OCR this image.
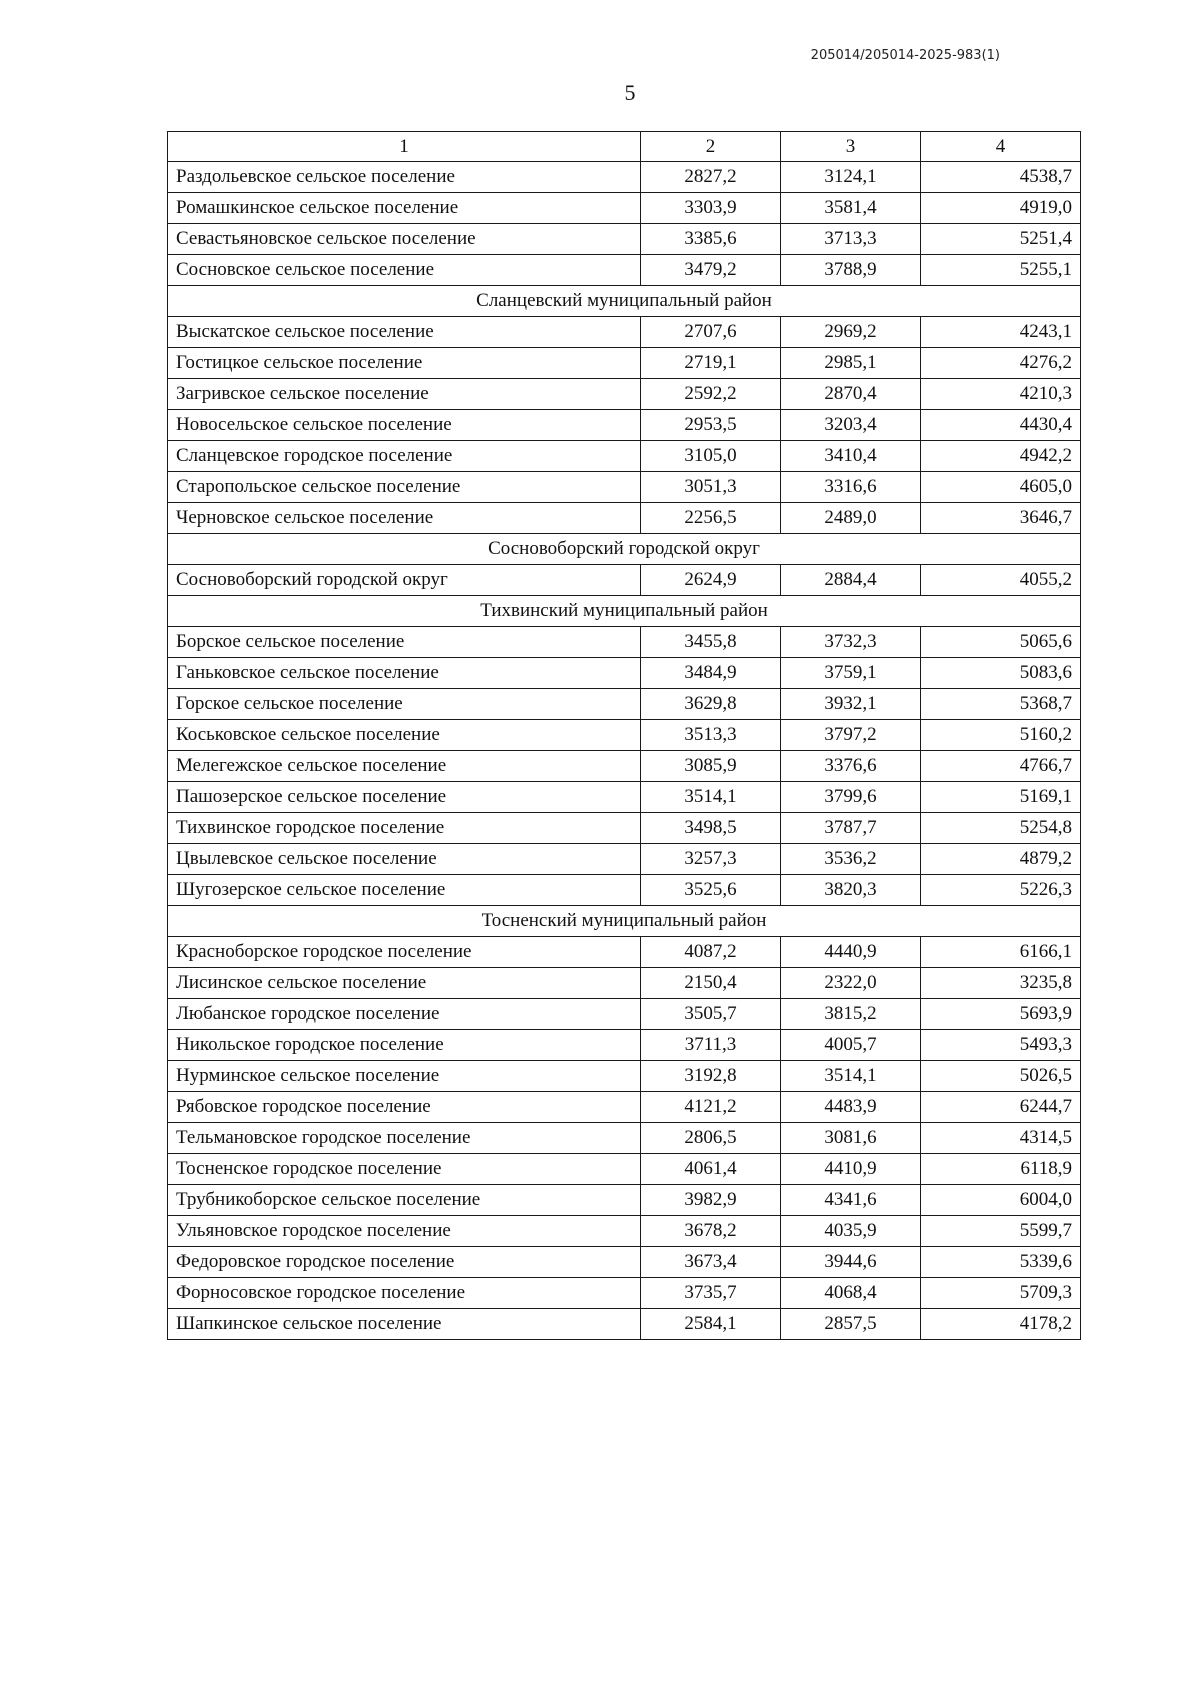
205014/205014-2025-983(1)
5
1	2	3	4
Раздольевское сельское поселение	2827,2	3124,1	4538,7
Ромашкинское сельское поселение	3303,9	3581,4	4919,0
Севастьяновское сельское поселение	3385,6	3713,3	5251,4
Сосновское сельское поселение	3479,2	3788,9	5255,1
Сланцевский муниципальный район			
Выскатское сельское поселение	2707,6	2969,2	4243,1
Гостицкое сельское поселение	2719,1	2985,1	4276,2
Загривское сельское поселение	2592,2	2870,4	4210,3
Новосельское сельское поселение	2953,5	3203,4	4430,4
Сланцевское городское поселение	3105,0	3410,4	4942,2
Старопольское сельское поселение	3051,3	3316,6	4605,0
Черновское сельское поселение	2256,5	2489,0	3646,7
Сосновоборский городской округ			
Сосновоборский городской округ	2624,9	2884,4	4055,2
Тихвинский муниципальный район			
Борское сельское поселение	3455,8	3732,3	5065,6
Ганьковское сельское поселение	3484,9	3759,1	5083,6
Горское сельское поселение	3629,8	3932,1	5368,7
Коськовское сельское поселение	3513,3	3797,2	5160,2
Мелегежское сельское поселение	3085,9	3376,6	4766,7
Пашозерское сельское поселение	3514,1	3799,6	5169,1
Тихвинское городское поселение	3498,5	3787,7	5254,8
Цвылевское сельское поселение	3257,3	3536,2	4879,2
Шугозерское сельское поселение	3525,6	3820,3	5226,3
Тосненский муниципальный район			
Красноборское городское поселение	4087,2	4440,9	6166,1
Лисинское сельское поселение	2150,4	2322,0	3235,8
Любанское городское поселение	3505,7	3815,2	5693,9
Никольское городское поселение	3711,3	4005,7	5493,3
Нурминское сельское поселение	3192,8	3514,1	5026,5
Рябовское городское поселение	4121,2	4483,9	6244,7
Тельмановское городское поселение	2806,5	3081,6	4314,5
Тосненское городское поселение	4061,4	4410,9	6118,9
Трубникоборское сельское поселение	3982,9	4341,6	6004,0
Ульяновское городское поселение	3678,2	4035,9	5599,7
Федоровское городское поселение	3673,4	3944,6	5339,6
Форносовское городское поселение	3735,7	4068,4	5709,3
Шапкинское сельское поселение	2584,1	2857,5	4178,2
